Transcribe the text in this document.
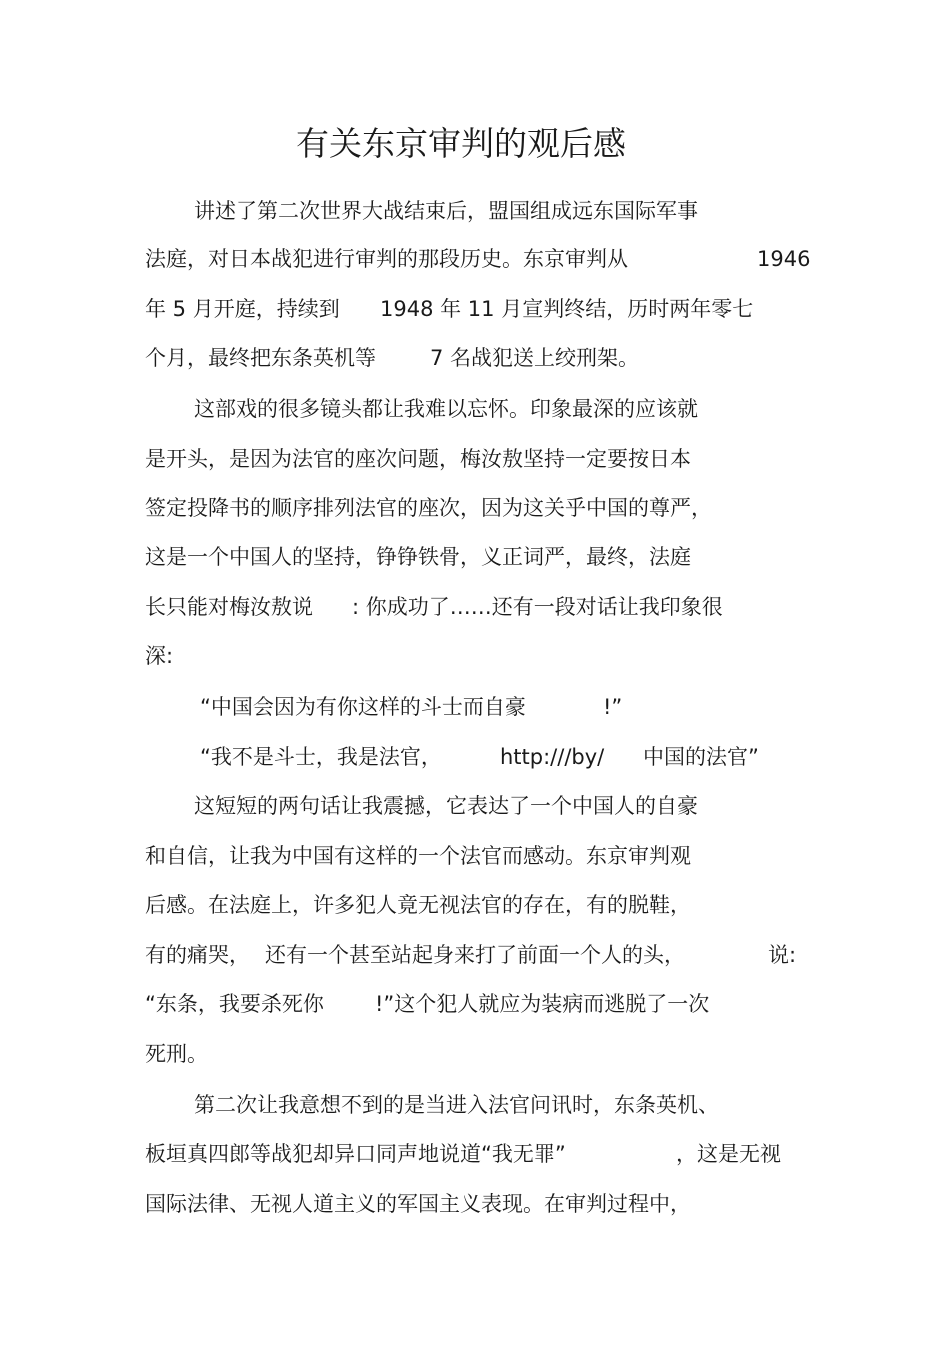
有关东京审判的观后感
讲述了第二次世界大战结束后，盟国组成远东国际军事
法庭，对日本战犯进行审判的那段历史。东京审判从	1946
年 5 月开庭，持续到 1948 年 11 月宣判终结，历时两年零七
个月，最终把东条英机等	7 名战犯送上绞刑架。
这部戏的很多镜头都让我难以忘怀。印象最深的应该就
是开头，是因为法官的座次问题，梅汝敖坚持一定要按日本
签定投降书的顺序排列法官的座次，因为这关乎中国的尊严，
这是一个中国人的坚持，铮铮铁骨，义正词严，最终，法庭
长只能对梅汝敖说 : 你成功了……还有一段对话让我印象很
深:
“中国会因为有你这样的斗士而自豪	!”
“我不是斗士，我是法官，	http:///by/ 中国的法官”
这短短的两句话让我震撼，它表达了一个中国人的自豪
和自信，让我为中国有这样的一个法官而感动。东京审判观
后感。在法庭上，许多犯人竟无视法官的存在，有的脱鞋，
有的痛哭， 还有一个甚至站起身来打了前面一个人的头，	说:
“东条，我要杀死你 !”这个犯人就应为装病而逃脱了一次
死刑。
第二次让我意想不到的是当进入法官问讯时，东条英机、
板垣真四郎等战犯却异口同声地说道“我无罪”	，这是无视
国际法律、无视人道主义的军国主义表现。在审判过程中，
